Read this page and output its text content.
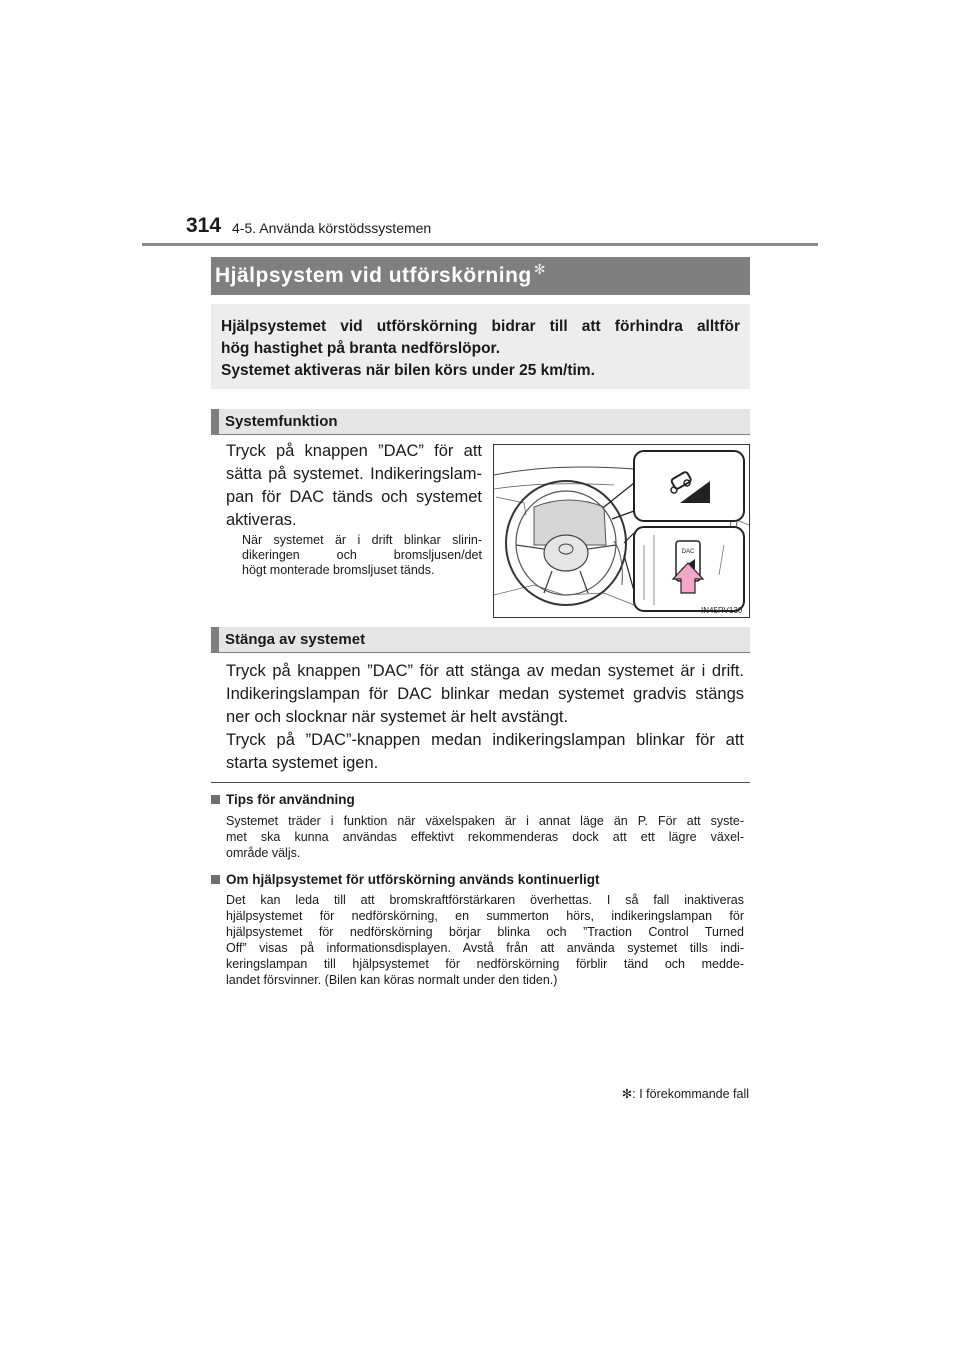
314 4-5. Använda körstödssystemen
Hjälpsystem vid utförskörning ✻

Hjälpsystemet vid utförskörning bidrar till att förhindra alltför

hög hastighet på branta nedförslöpor.

Systemet aktiveras när bilen körs under 25 km/tim.

Systemfunktion
Tryck på knappen ”DAC” för att
sätta på systemet. Indikeringslam-
pan för DAC tänds och systemet
aktiveras.
När systemet är i drift blinkar slirin-
dikeringen och bromsljusen/det
högt monterade bromsljuset tänds.
DAC
IN45RV130
Stänga av systemet
Tryck på knappen ”DAC” för att stänga av medan systemet är i drift.
Indikeringslampan för DAC blinkar medan systemet gradvis stängs
ner och slocknar när systemet är helt avstängt.
Tryck på ”DAC”-knappen medan indikeringslampan blinkar för att
starta systemet igen.
Tips för användning
Systemet träder i funktion när växelspaken är i annat läge än P. För att syste-
met ska kunna användas effektivt rekommenderas dock att ett lägre växel-
område väljs.
Om hjälpsystemet för utförskörning används kontinuerligt
Det kan leda till att bromskraftförstärkaren överhettas. I så fall inaktiveras
hjälpsystemet för nedförskörning, en summerton hörs, indikeringslampan för
hjälpsystemet för nedförskörning börjar blinka och ”Traction Control Turned
Off” visas på informationsdisplayen. Avstå från att använda systemet tills indi-
keringslampan till hjälpsystemet för nedförskörning förblir tänd och medde-
landet försvinner. (Bilen kan köras normalt under den tiden.)
✻: I förekommande fall
